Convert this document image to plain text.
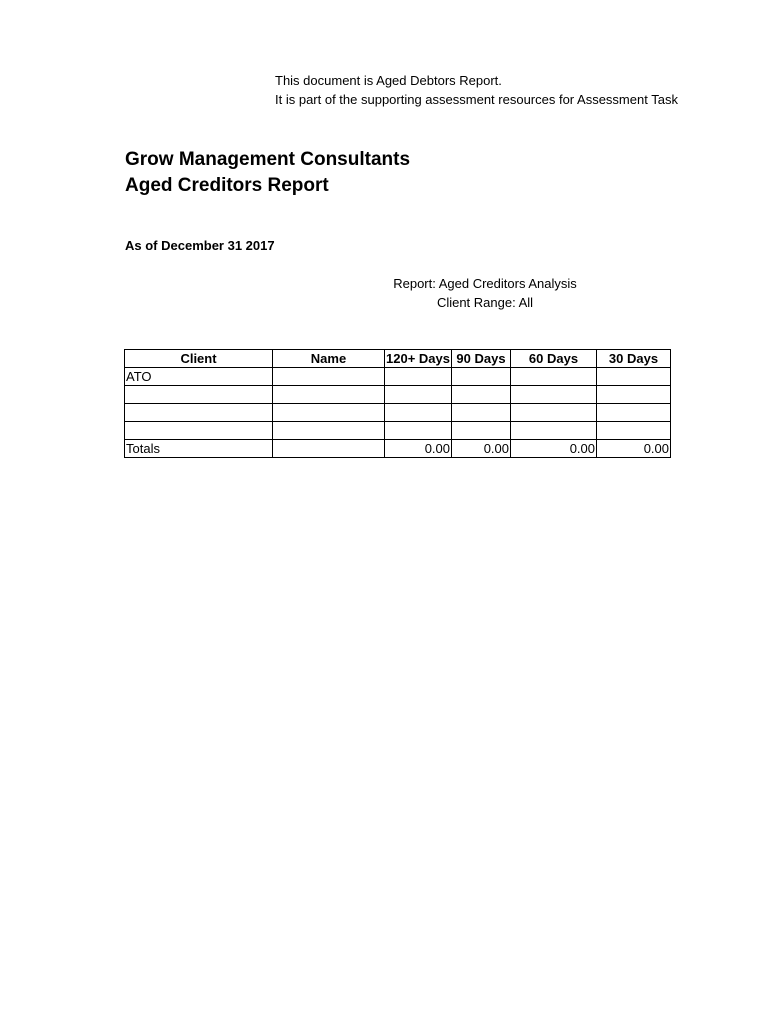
This document is Aged Debtors Report.
It is part of the supporting assessment resources for Assessment Task
Grow Management Consultants
Aged Creditors Report
As of December 31 2017
Report: Aged Creditors Analysis
Client Range: All
Client	Name	120+ Days	90 Days	60 Days	30 Days
ATO					

Totals		0.00	0.00	0.00	0.00
